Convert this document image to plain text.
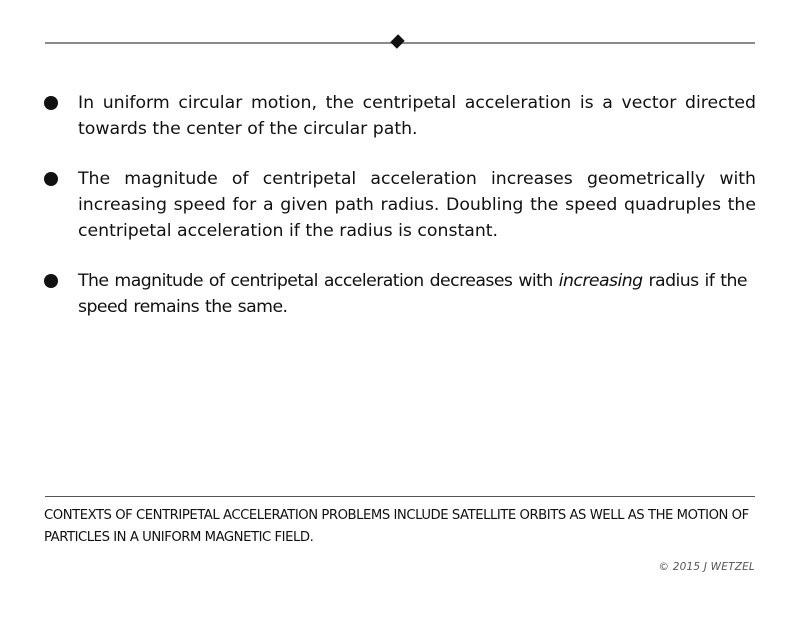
In uniform circular motion, the centripetal acceleration is a vector directed towards the center of the circular path.
The magnitude of centripetal acceleration increases geometrically with increasing speed for a given path radius. Doubling the speed quadruples the centripetal acceleration if the radius is constant.
The magnitude of centripetal acceleration decreases with increasing radius if the speed remains the same.
CONTEXTS OF CENTRIPETAL ACCELERATION PROBLEMS INCLUDE SATELLITE ORBITS AS WELL AS THE MOTION OF PARTICLES IN A UNIFORM MAGNETIC FIELD.
© 2015 J WETZEL
